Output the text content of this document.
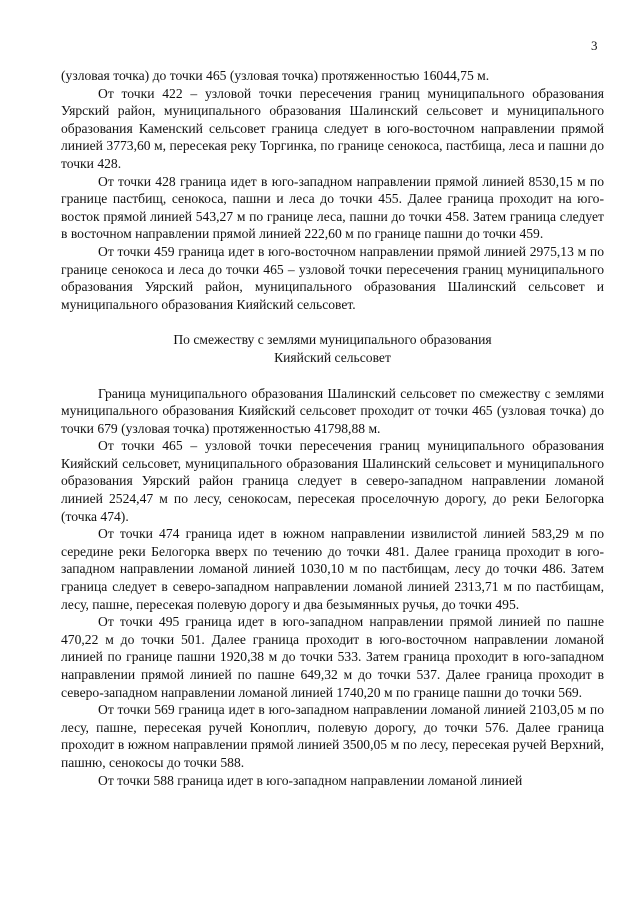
3

(узловая точка) до точки 465 (узловая точка) протяженностью 16044,75 м.

От точки 422 – узловой точки пересечения границ муниципального образования Уярский район, муниципального образования Шалинский сельсовет и муниципального образования Каменский сельсовет граница следует в юго-восточном направлении прямой линией 3773,60 м, пересекая реку Торгинка, по границе сенокоса, пастбища, леса и пашни до точки 428.

От точки 428 граница идет в юго-западном направлении прямой линией 8530,15 м по границе пастбищ, сенокоса, пашни и леса до точки 455. Далее граница проходит на юго-восток прямой линией 543,27 м по границе леса, пашни до точки 458. Затем граница следует в восточном направлении прямой линией 222,60 м по границе пашни до точки 459.

От точки 459 граница идет в юго-восточном направлении прямой линией 2975,13 м по границе сенокоса и леса до точки 465 – узловой точки пересечения границ муниципального образования Уярский район, муниципального образования Шалинский сельсовет и муниципального образования Кияйский сельсовет.

По смежеству с землями муниципального образования
Кияйский сельсовет

Граница муниципального образования Шалинский сельсовет по смежеству с землями муниципального образования Кияйский сельсовет проходит от точки 465 (узловая точка) до точки 679 (узловая точка) протяженностью 41798,88 м.

От точки 465 – узловой точки пересечения границ муниципального образования Кияйский сельсовет, муниципального образования Шалинский сельсовет и муниципального образования Уярский район граница следует в северо-западном направлении ломаной линией 2524,47 м по лесу, сенокосам, пересекая проселочную дорогу, до реки Белогорка (точка 474).

От точки 474 граница идет в южном направлении извилистой линией 583,29 м по середине реки Белогорка вверх по течению до точки 481. Далее граница проходит в юго-западном направлении ломаной линией 1030,10 м по пастбищам, лесу до точки 486. Затем граница следует в северо-западном направлении ломаной линией 2313,71 м по пастбищам, лесу, пашне, пересекая полевую дорогу и два безымянных ручья, до точки 495.

От точки 495 граница идет в юго-западном направлении прямой линией по пашне 470,22 м до точки 501. Далее граница проходит в юго-восточном направлении ломаной линией по границе пашни 1920,38 м до точки 533. Затем граница проходит в юго-западном направлении прямой линией по пашне 649,32 м до точки 537. Далее граница проходит в северо-западном направлении ломаной линией 1740,20 м по границе пашни до точки 569.

От точки 569 граница идет в юго-западном направлении ломаной линией 2103,05 м по лесу, пашне, пересекая ручей Коноплич, полевую дорогу, до точки 576. Далее граница проходит в южном направлении прямой линией 3500,05 м по лесу, пересекая ручей Верхний, пашню, сенокосы до точки 588.

От точки 588 граница идет в юго-западном направлении ломаной линией
